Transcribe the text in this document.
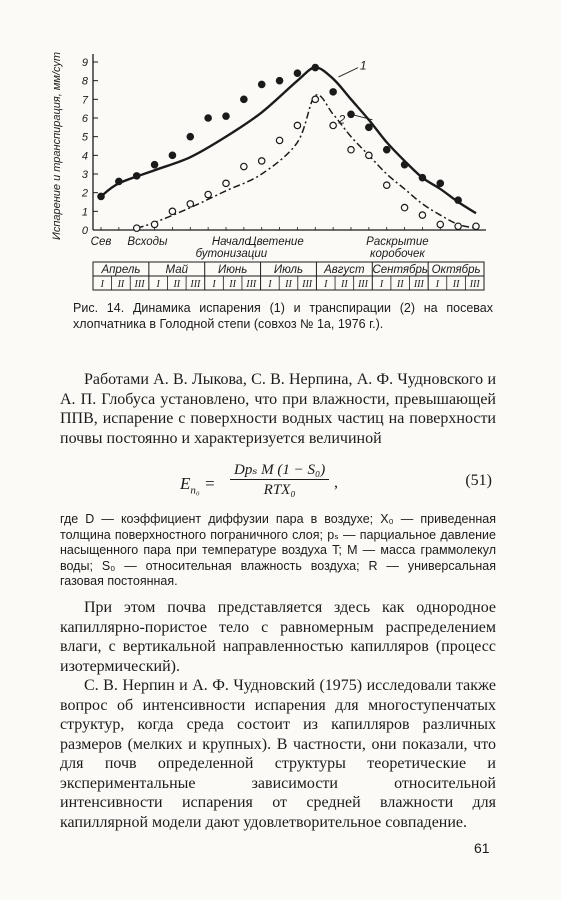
0
1
2
3
4
5
6
7
8
9
Испарение и транспирация, мм/сут	1
2
Сев Всходы	Начало
бутонизации
Цветение	Раскрытие
коробочек
Апрель
I II III
Май
I II III
Июнь
I II III
Июль
I II III
Август
I II III
Сентябрь
I II III
Октябрь
I II III
Рис. 14. Динамика испарения (1) и транспирации (2) на посевах хлопчатника в Голодной степи (совхоз № 1а, 1976 г.).

Работами А. В. Лыкова, С. В. Нерпина, А. Ф. Чудновского и А. П. Глобуса установлено, что при влажности, превышающей ППВ, испарение с поверхности водных частиц на поверхности почвы постоянно и характеризуется величиной

$E_{n_0}$ =
Dpₛ M (1 − S₀)
RTX₀	,	(51)
где D — коэффициент диффузии пара в воздухе; X₀ — приведенная толщина поверхностного пограничного слоя; pₛ — парциальное давление насыщенного пара при температуре воздуха T; M — масса граммолекул воды; S₀ — относительная влажность воздуха; R — универсальная газовая постоянная.

При этом почва представляется здесь как однородное капиллярно-пористое тело с равномерным распределением влаги, с вертикальной направленностью капилляров (процесс изотермический).

С. В. Нерпин и А. Ф. Чудновский (1975) исследовали также вопрос об интенсивности испарения для многоступенчатых структур, когда среда состоит из капилляров различных размеров (мелких и крупных). В частности, они показали, что для почв определенной структуры теоретические и экспериментальные зависимости относительной интенсивности испарения от средней влажности для капиллярной модели дают удовлетворительное совпадение.

61
